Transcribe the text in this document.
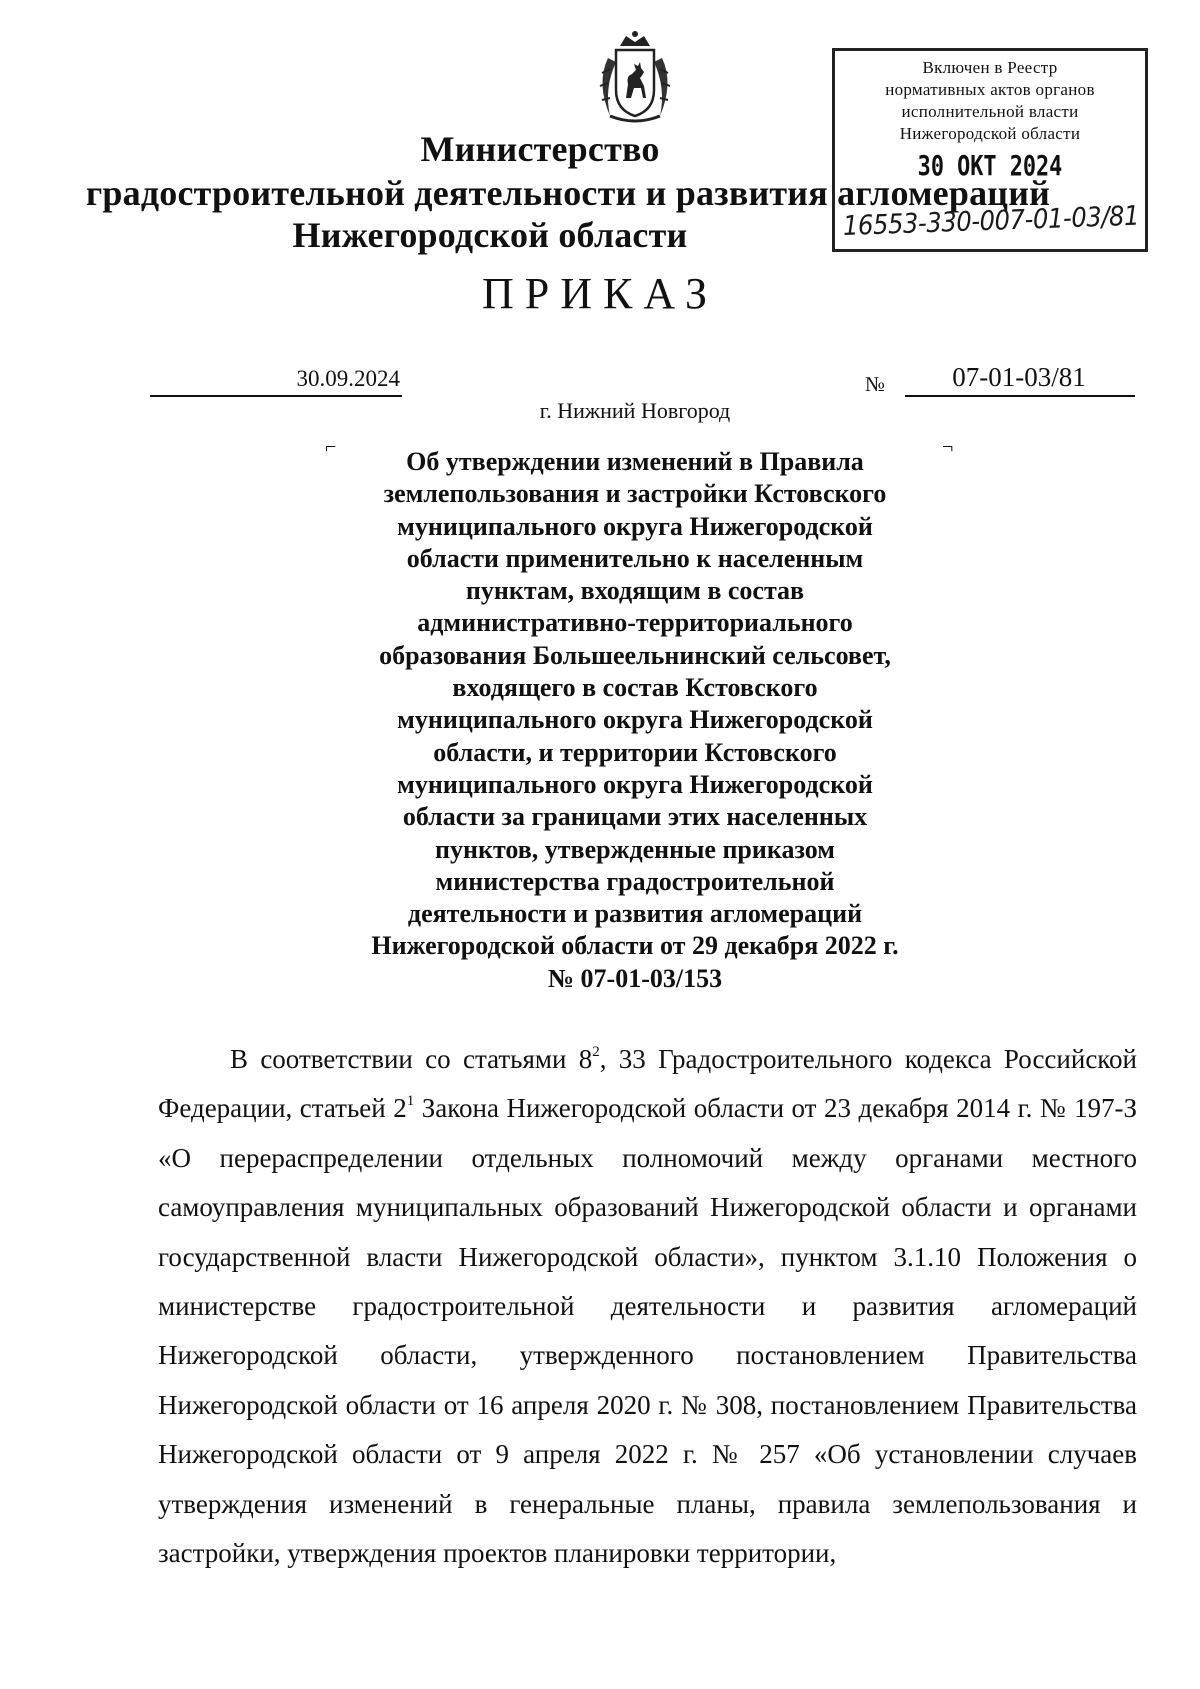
Министерство
градостроительной деятельности и развития агломераций
Нижегородской области
Включен в Реестр
нормативных актов органов
исполнительной власти
Нижегородской области
30 ОКТ 2024
16553-330-007-01-03/81
ПРИКАЗ
30.09.2024	№	07-01-03/81
г. Нижний Новгород
⌐	¬
Об утверждении изменений в Правила
землепользования и застройки Кстовского
муниципального округа Нижегородской
области применительно к населенным
пунктам, входящим в состав
административно-территориального
образования Большеельнинский сельсовет,
входящего в состав Кстовского
муниципального округа Нижегородской
области, и территории Кстовского
муниципального округа Нижегородской
области за границами этих населенных
пунктов, утвержденные приказом
министерства градостроительной
деятельности и развития агломераций
Нижегородской области от 29 декабря 2022 г.
№ 07-01-03/153
В соответствии со статьями $8^2$, 33 Градостроительного кодекса Российской Федерации, статьей $2^1$ Закона Нижегородской области от 23 декабря 2014 г. № 197-З «О перераспределении отдельных полномочий между органами местного самоуправления муниципальных образований Нижегородской области и органами государственной власти Нижегородской области», пунктом 3.1.10 Положения о министерстве градостроительной деятельности и развития агломераций Нижегородской области, утвержденного постановлением Правительства Нижегородской области от 16 апреля 2020 г. № 308, постановлением Правительства Нижегородской области от 9 апреля 2022 г. № 257 «Об установлении случаев утверждения изменений в генеральные планы, правила землепользования и застройки, утверждения проектов планировки территории,
